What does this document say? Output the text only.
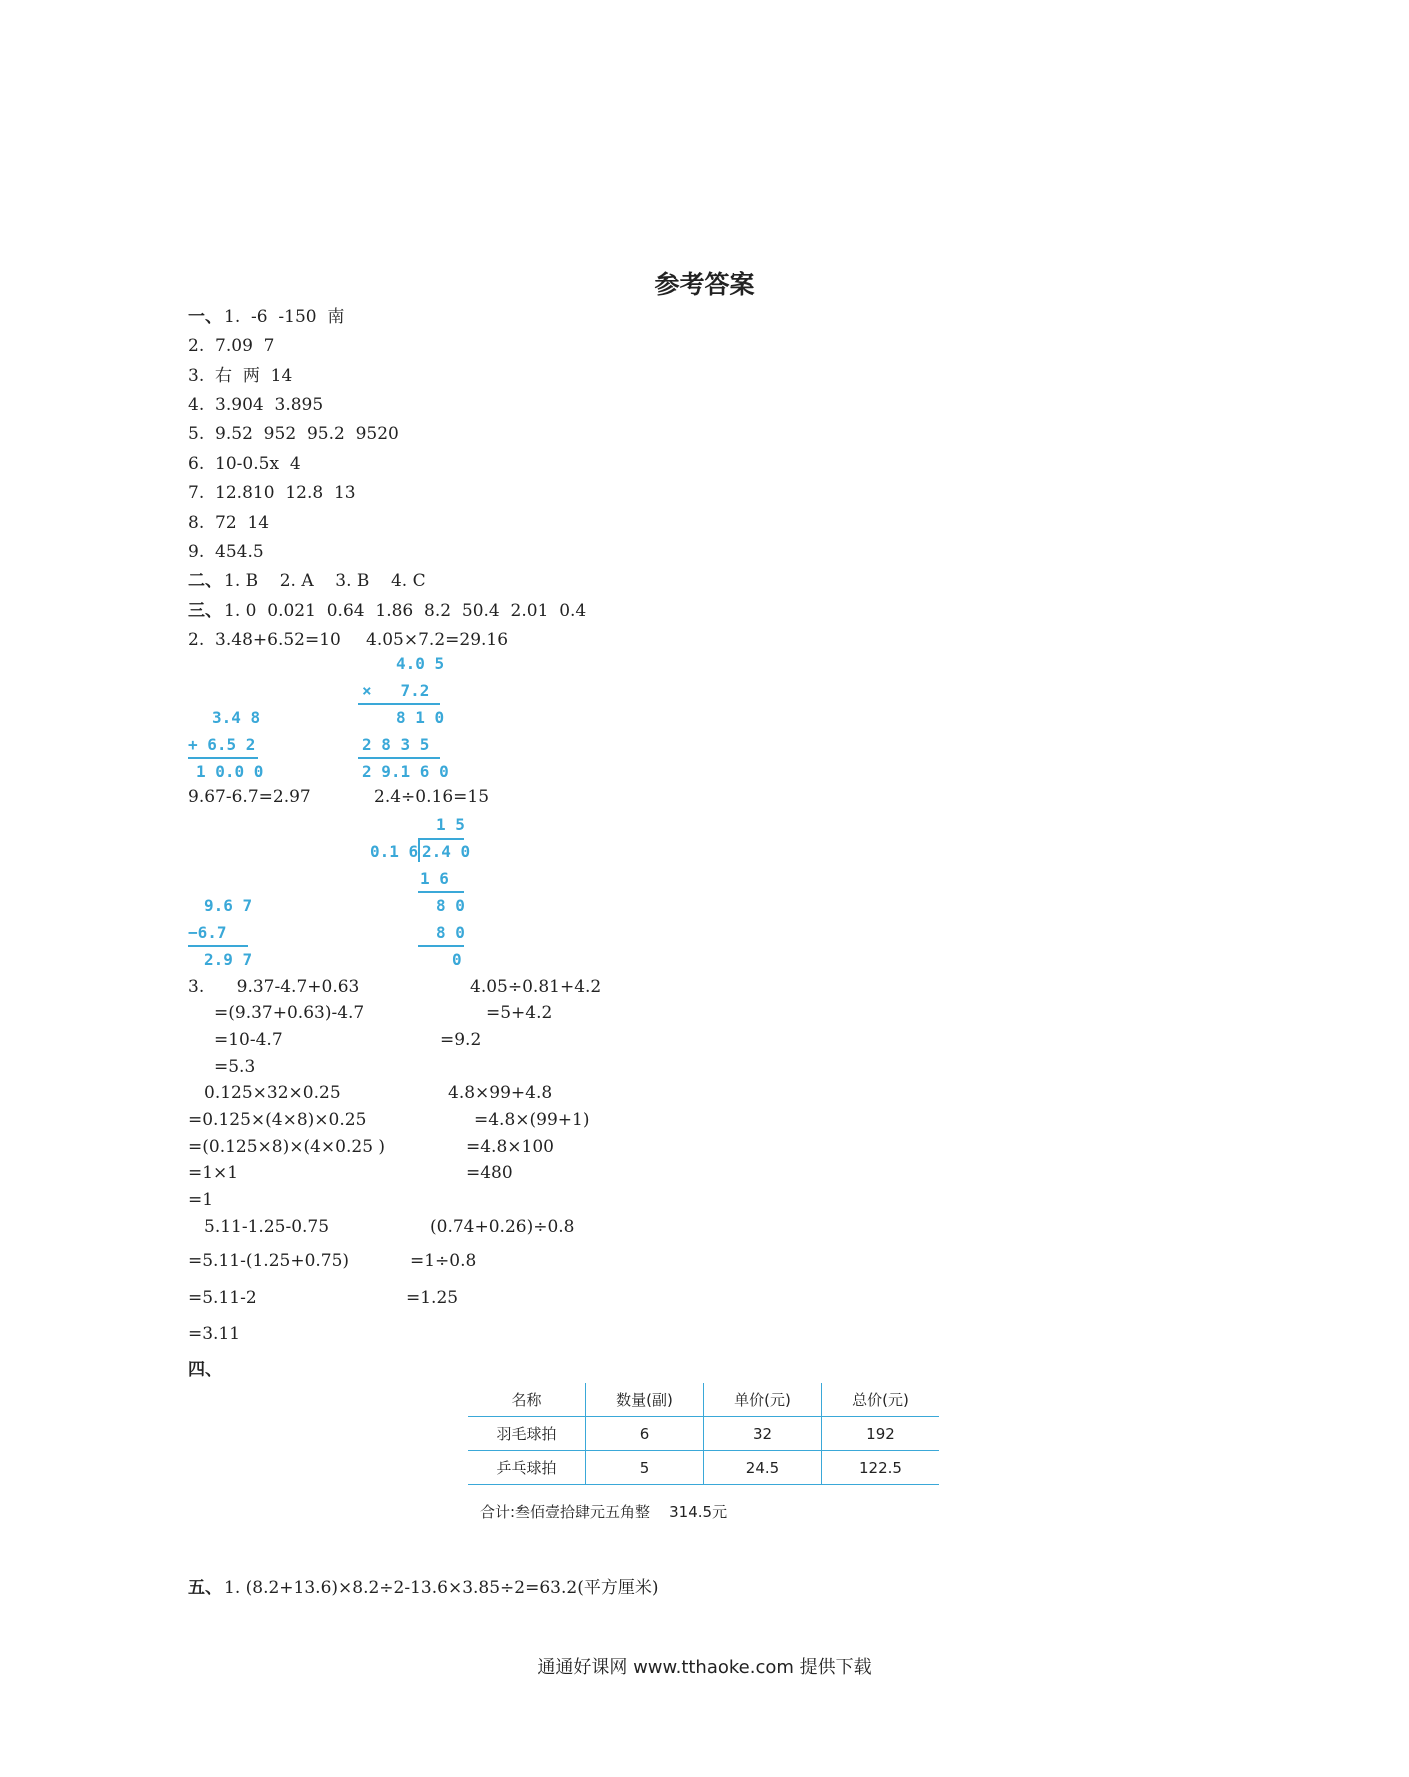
参考答案
一、 1.  -6  -150  南
2.  7.09  7
3.  右  两  14
4.  3.904  3.895
5.  9.52  952  95.2  9520
6.  10-0.5x  4
7.  12.810  12.8  13
8.  72  14
9.  454.5
二、 1. B    2. A    3. B    4. C
三、 1. 0  0.021  0.64  1.86  8.2  50.4  2.01  0.4
2.  3.48+6.52=10 4.05×7.2=29.16
4.0 5
×   7.2
8 1 0
2 8 3 5
2 9.1 6 0
3.4 8
+ 6.5 2
1 0.0 0
9.67-6.7=2.97	2.4÷0.16=15
1 5
0.1 6 2.4 0
1 6
8 0
8 0
0
9.6 7
−6.7
2.9 7
3.      9.37-4.7+0.63
=(9.37+0.63)-4.7
=10-4.7
=5.3
4.05÷0.81+4.2
=5+4.2
=9.2
0.125×32×0.25
=0.125×(4×8)×0.25
=(0.125×8)×(4×0.25 )
=1×1
=1
4.8×99+4.8
=4.8×(99+1)
=4.8×100
=480
5.11-1.25-0.75
=5.11-(1.25+0.75)
=5.11-2
=3.11
(0.74+0.26)÷0.8
=1÷0.8
=1.25
四、
名称	数量(副)	单价(元)	总价(元)
羽毛球拍	6	32	192
乒乓球拍	5	24.5	122.5
合计:叁佰壹拾肆元五角整    314.5元
五、 1. (8.2+13.6)×8.2÷2-13.6×3.85÷2=63.2(平方厘米)
通通好课网 www.tthaoke.com 提供下载
